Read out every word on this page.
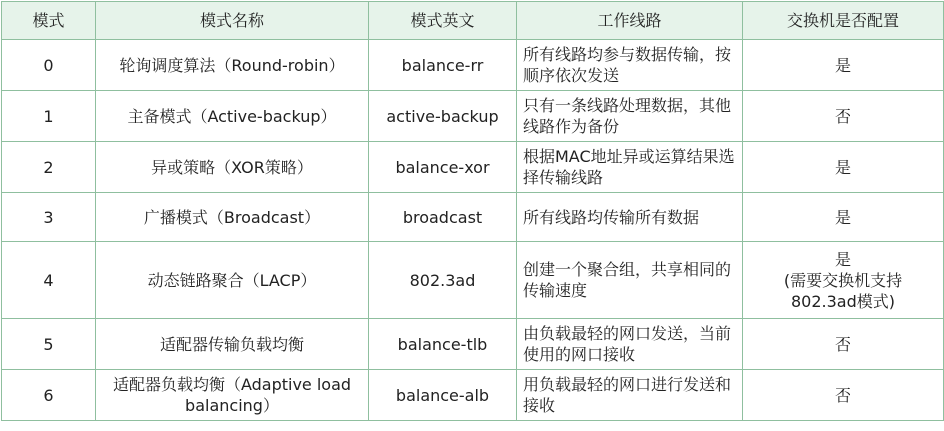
模式	模式名称	模式英文	工作线路	交换机是否配置
0	轮询调度算法（Round-robin）	balance-rr	所有线路均参与数据传输，按顺序依次发送	是

1	主备模式（Active-backup）	active-backup	只有一条线路处理数据，其他线路作为备份	否

2	异或策略（XOR策略）	balance-xor	根据MAC地址异或运算结果选择传输线路	是

3	广播模式（Broadcast）	broadcast	所有线路均传输所有数据	是

4	动态链路聚合（LACP）	802.3ad	创建一个聚合组，共享相同的传输速度	是
(需要交换机支持
802.3ad模式)

5	适配器传输负载均衡	balance-tlb	由负载最轻的网口发送，当前使用的网口接收	否

6	适配器负载均衡（Adaptive load balancing）	balance-alb	用负载最轻的网口进行发送和接收	否
